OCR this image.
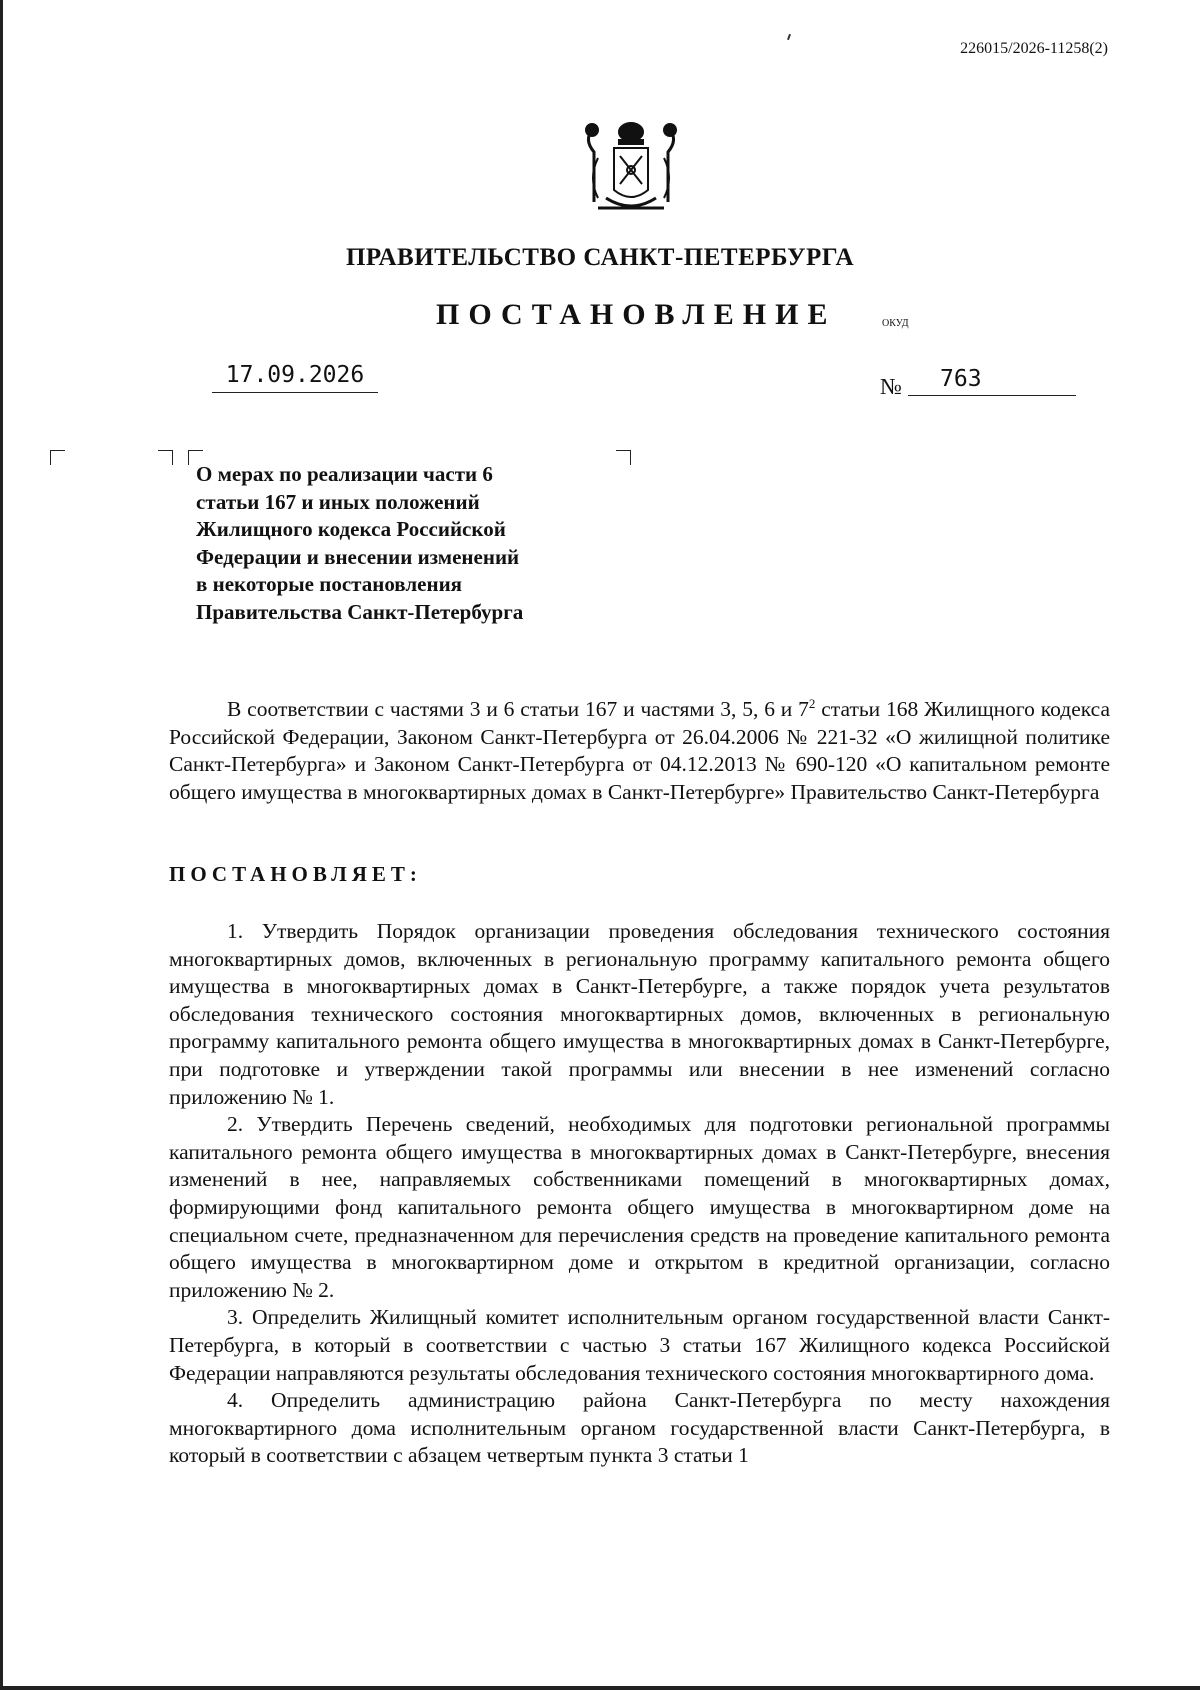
226015/2026-11258(2)
ПРАВИТЕЛЬСТВО САНКТ-ПЕТЕРБУРГА
ПОСТАНОВЛЕНИЕ	ОКУД
17.09.2026	№	763
О мерах по реализации части 6
статьи 167 и иных положений
Жилищного кодекса Российской
Федерации и внесении изменений
в некоторые постановления
Правительства Санкт-Петербурга

В соответствии с частями 3 и 6 статьи 167 и частями 3, 5, 6 и $7^2$ статьи 168 Жилищного кодекса Российской Федерации, Законом Санкт-Петербурга от 26.04.2006 № 221-32 «О жилищной политике Санкт-Петербурга» и Законом Санкт-Петербурга от 04.12.2013 № 690-120 «О капитальном ремонте общего имущества в многоквартирных домах в Санкт-Петербурге» Правительство Санкт-Петербурга

ПОСТАНОВЛЯЕТ:

1. Утвердить Порядок организации проведения обследования технического состояния многоквартирных домов, включенных в региональную программу капитального ремонта общего имущества в многоквартирных домах в Санкт-Петербурге, а также порядок учета результатов обследования технического состояния многоквартирных домов, включенных в региональную программу капитального ремонта общего имущества в многоквартирных домах в Санкт-Петербурге, при подготовке и утверждении такой программы или внесении в нее изменений согласно приложению № 1.

2. Утвердить Перечень сведений, необходимых для подготовки региональной программы капитального ремонта общего имущества в многоквартирных домах в Санкт-Петербурге, внесения изменений в нее, направляемых собственниками помещений в многоквартирных домах, формирующими фонд капитального ремонта общего имущества в многоквартирном доме на специальном счете, предназначенном для перечисления средств на проведение капитального ремонта общего имущества в многоквартирном доме и открытом в кредитной организации, согласно приложению № 2.

3. Определить Жилищный комитет исполнительным органом государственной власти Санкт-Петербурга, в который в соответствии с частью 3 статьи 167 Жилищного кодекса Российской Федерации направляются результаты обследования технического состояния многоквартирного дома.

4. Определить администрацию района Санкт-Петербурга по месту нахождения многоквартирного дома исполнительным органом государственной власти Санкт-Петербурга, в который в соответствии с абзацем четвертым пункта 3 статьи 1
